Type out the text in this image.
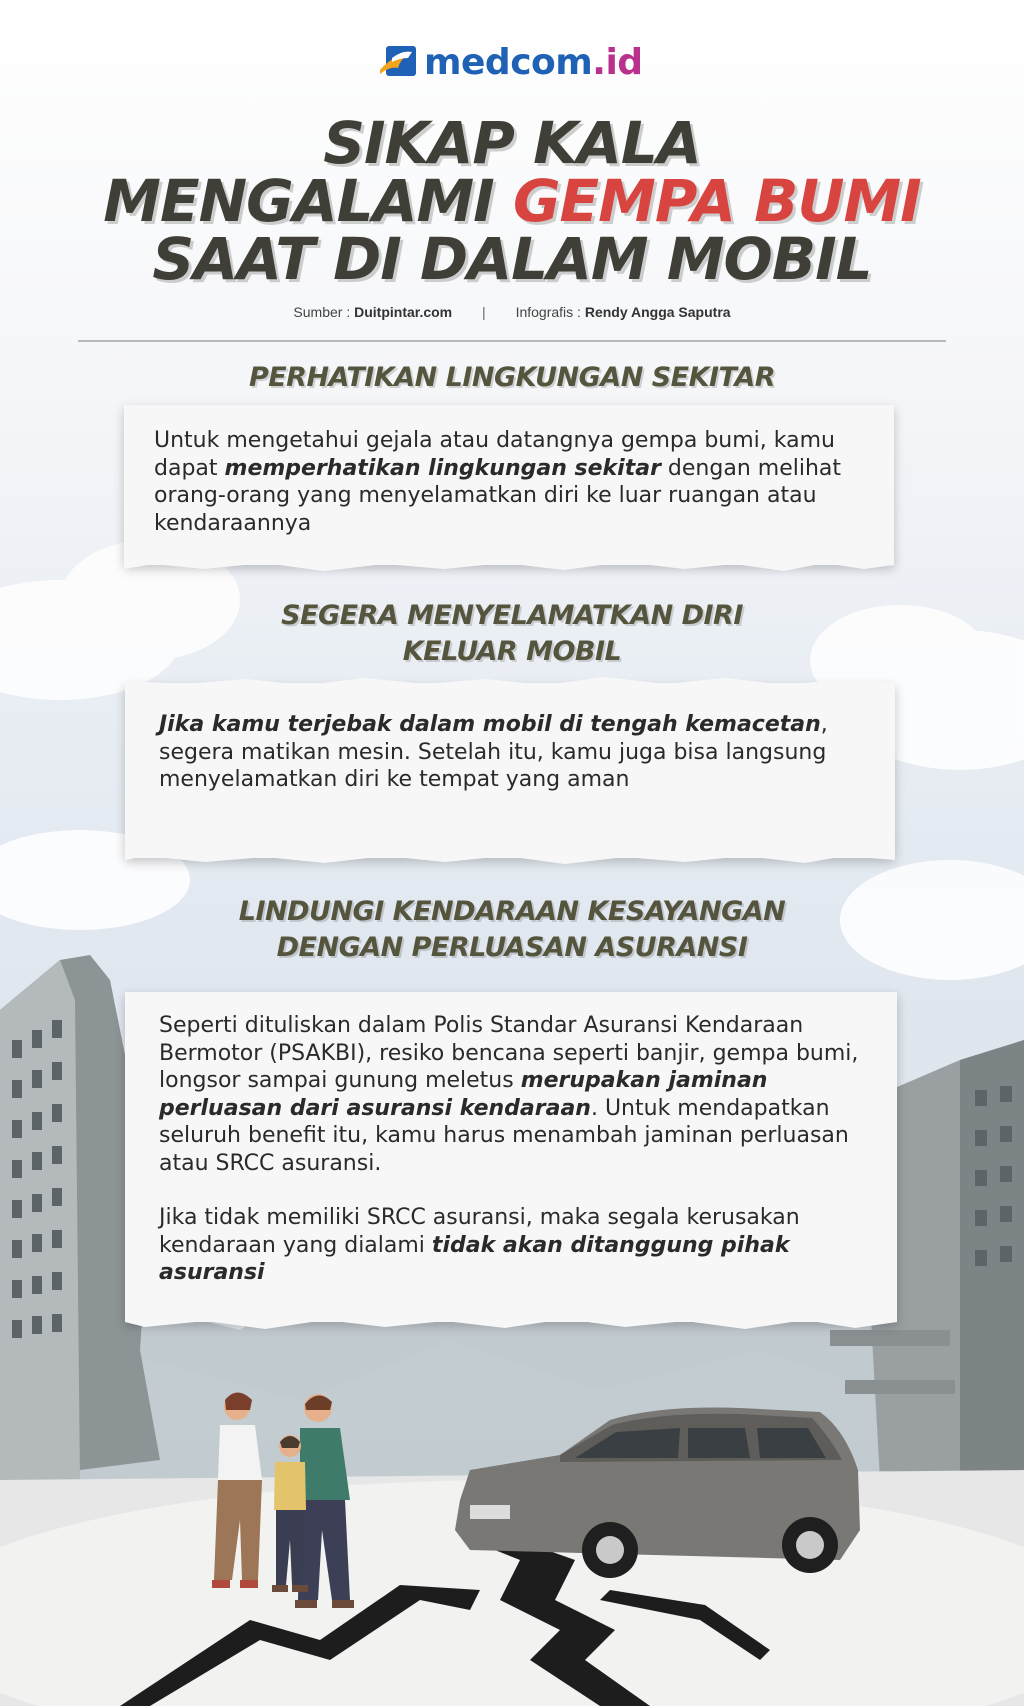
medcom.id
SIKAP KALA
MENGALAMI GEMPA BUMI
SAAT DI DALAM MOBIL
Sumber : Duitpintar.com | Infografis : Rendy Angga Saputra
PERHATIKAN LINGKUNGAN SEKITAR
Untuk mengetahui gejala atau datangnya gempa bumi, kamu dapat memperhatikan lingkungan sekitar dengan melihat orang-orang yang menyelamatkan diri ke luar ruangan atau kendaraannya
SEGERA MENYELAMATKAN DIRI
KELUAR MOBIL
Jika kamu terjebak dalam mobil di tengah kemacetan, segera matikan mesin. Setelah itu, kamu juga bisa langsung menyelamatkan diri ke tempat yang aman
LINDUNGI KENDARAAN KESAYANGAN
DENGAN PERLUASAN ASURANSI
Seperti dituliskan dalam Polis Standar Asuransi Kendaraan Bermotor (PSAKBI), resiko bencana seperti banjir, gempa bumi, longsor sampai gunung meletus merupakan jaminan perluasan dari asuransi kendaraan. Untuk mendapatkan seluruh benefit itu, kamu harus menambah jaminan perluasan atau SRCC asuransi.
Jika tidak memiliki SRCC asuransi, maka segala kerusakan kendaraan yang dialami tidak akan ditanggung pihak asuransi
